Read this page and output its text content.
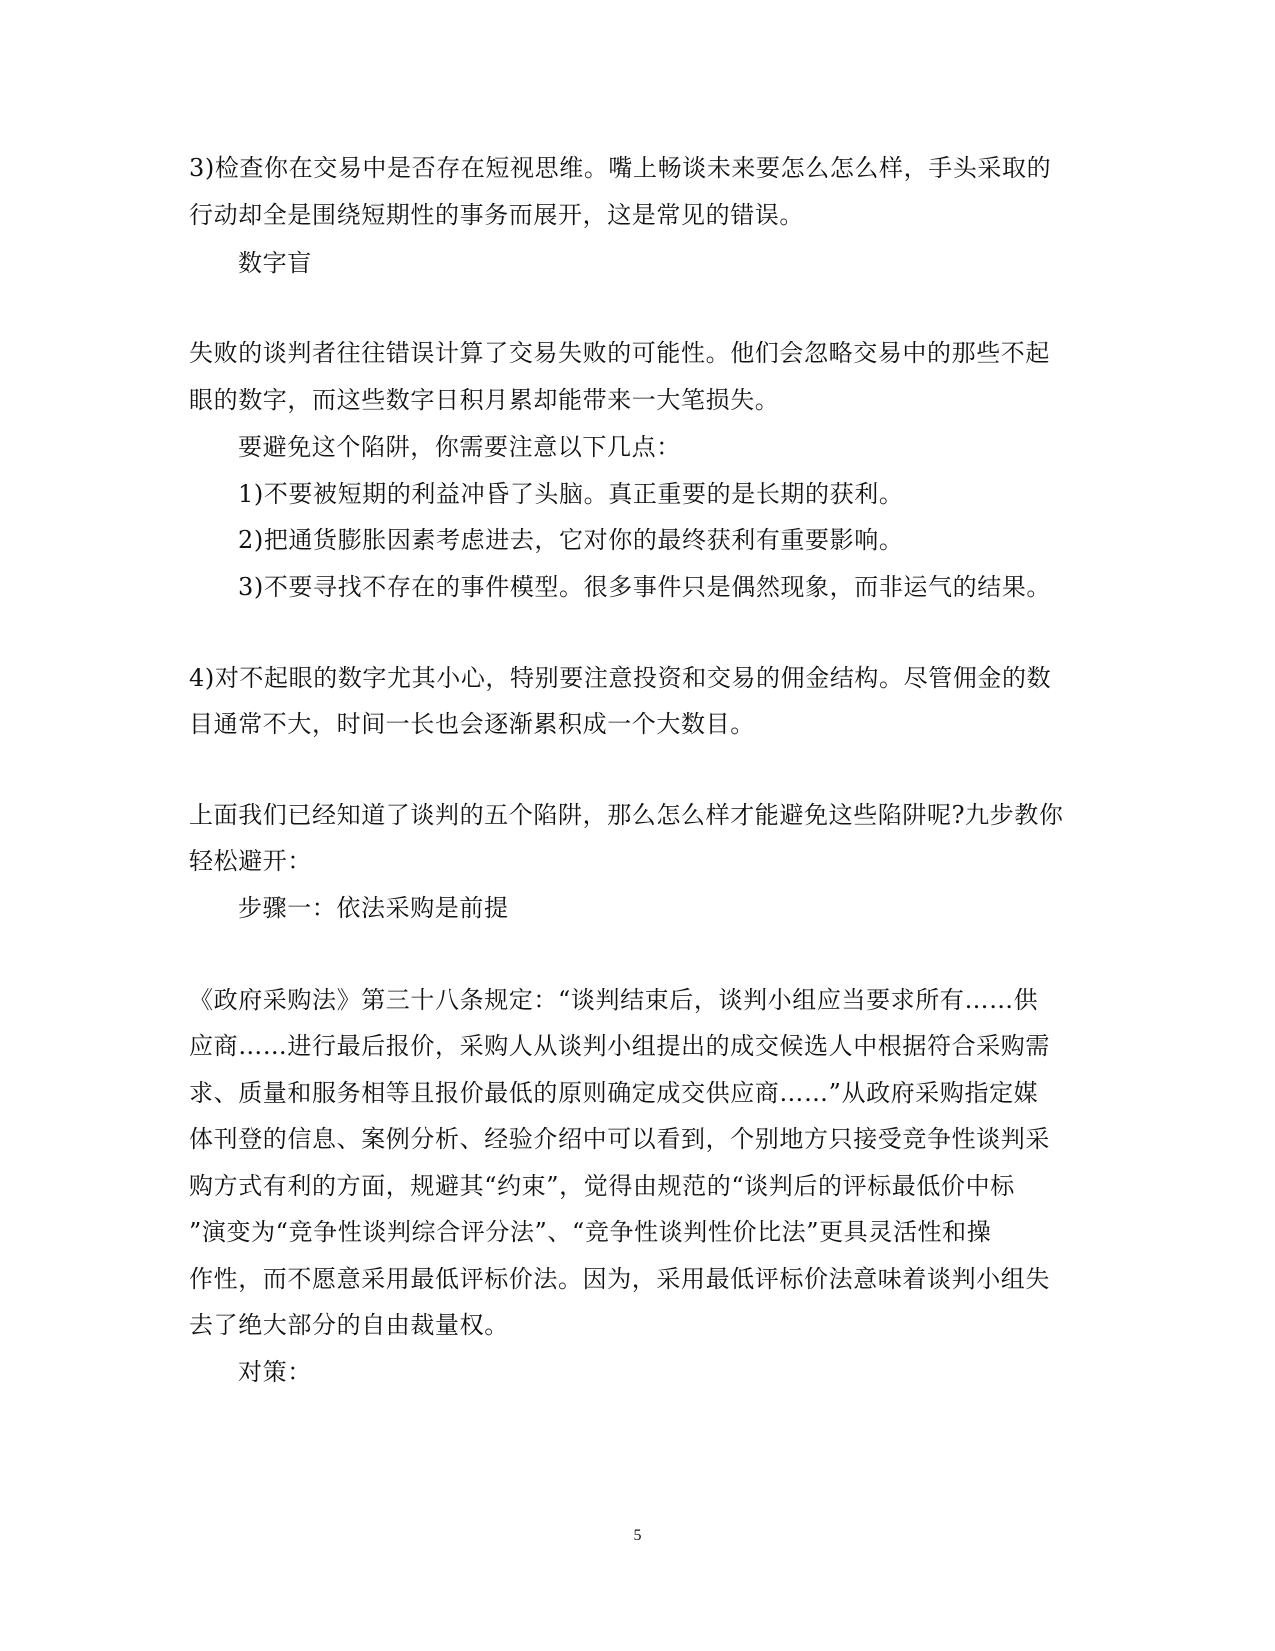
3)检查你在交易中是否存在短视思维。嘴上畅谈未来要怎么怎么样，手头采取的
行动却全是围绕短期性的事务而展开，这是常见的错误。
数字盲
失败的谈判者往往错误计算了交易失败的可能性。他们会忽略交易中的那些不起
眼的数字，而这些数字日积月累却能带来一大笔损失。
要避免这个陷阱，你需要注意以下几点：
1)不要被短期的利益冲昏了头脑。真正重要的是长期的获利。
2)把通货膨胀因素考虑进去，它对你的最终获利有重要影响。
3)不要寻找不存在的事件模型。很多事件只是偶然现象，而非运气的结果。
4)对不起眼的数字尤其小心，特别要注意投资和交易的佣金结构。尽管佣金的数
目通常不大，时间一长也会逐渐累积成一个大数目。
上面我们已经知道了谈判的五个陷阱，那么怎么样才能避免这些陷阱呢?九步教你
轻松避开：
步骤一：依法采购是前提
《政府采购法》第三十八条规定：“谈判结束后，谈判小组应当要求所有……供
应商……进行最后报价，采购人从谈判小组提出的成交候选人中根据符合采购需
求、质量和服务相等且报价最低的原则确定成交供应商……”从政府采购指定媒
体刊登的信息、案例分析、经验介绍中可以看到，个别地方只接受竞争性谈判采
购方式有利的方面，规避其“约束”，觉得由规范的“谈判后的评标最低价中标
”演变为“竞争性谈判综合评分法”、“竞争性谈判性价比法”更具灵活性和操
作性，而不愿意采用最低评标价法。因为，采用最低评标价法意味着谈判小组失
去了绝大部分的自由裁量权。
对策：
5
